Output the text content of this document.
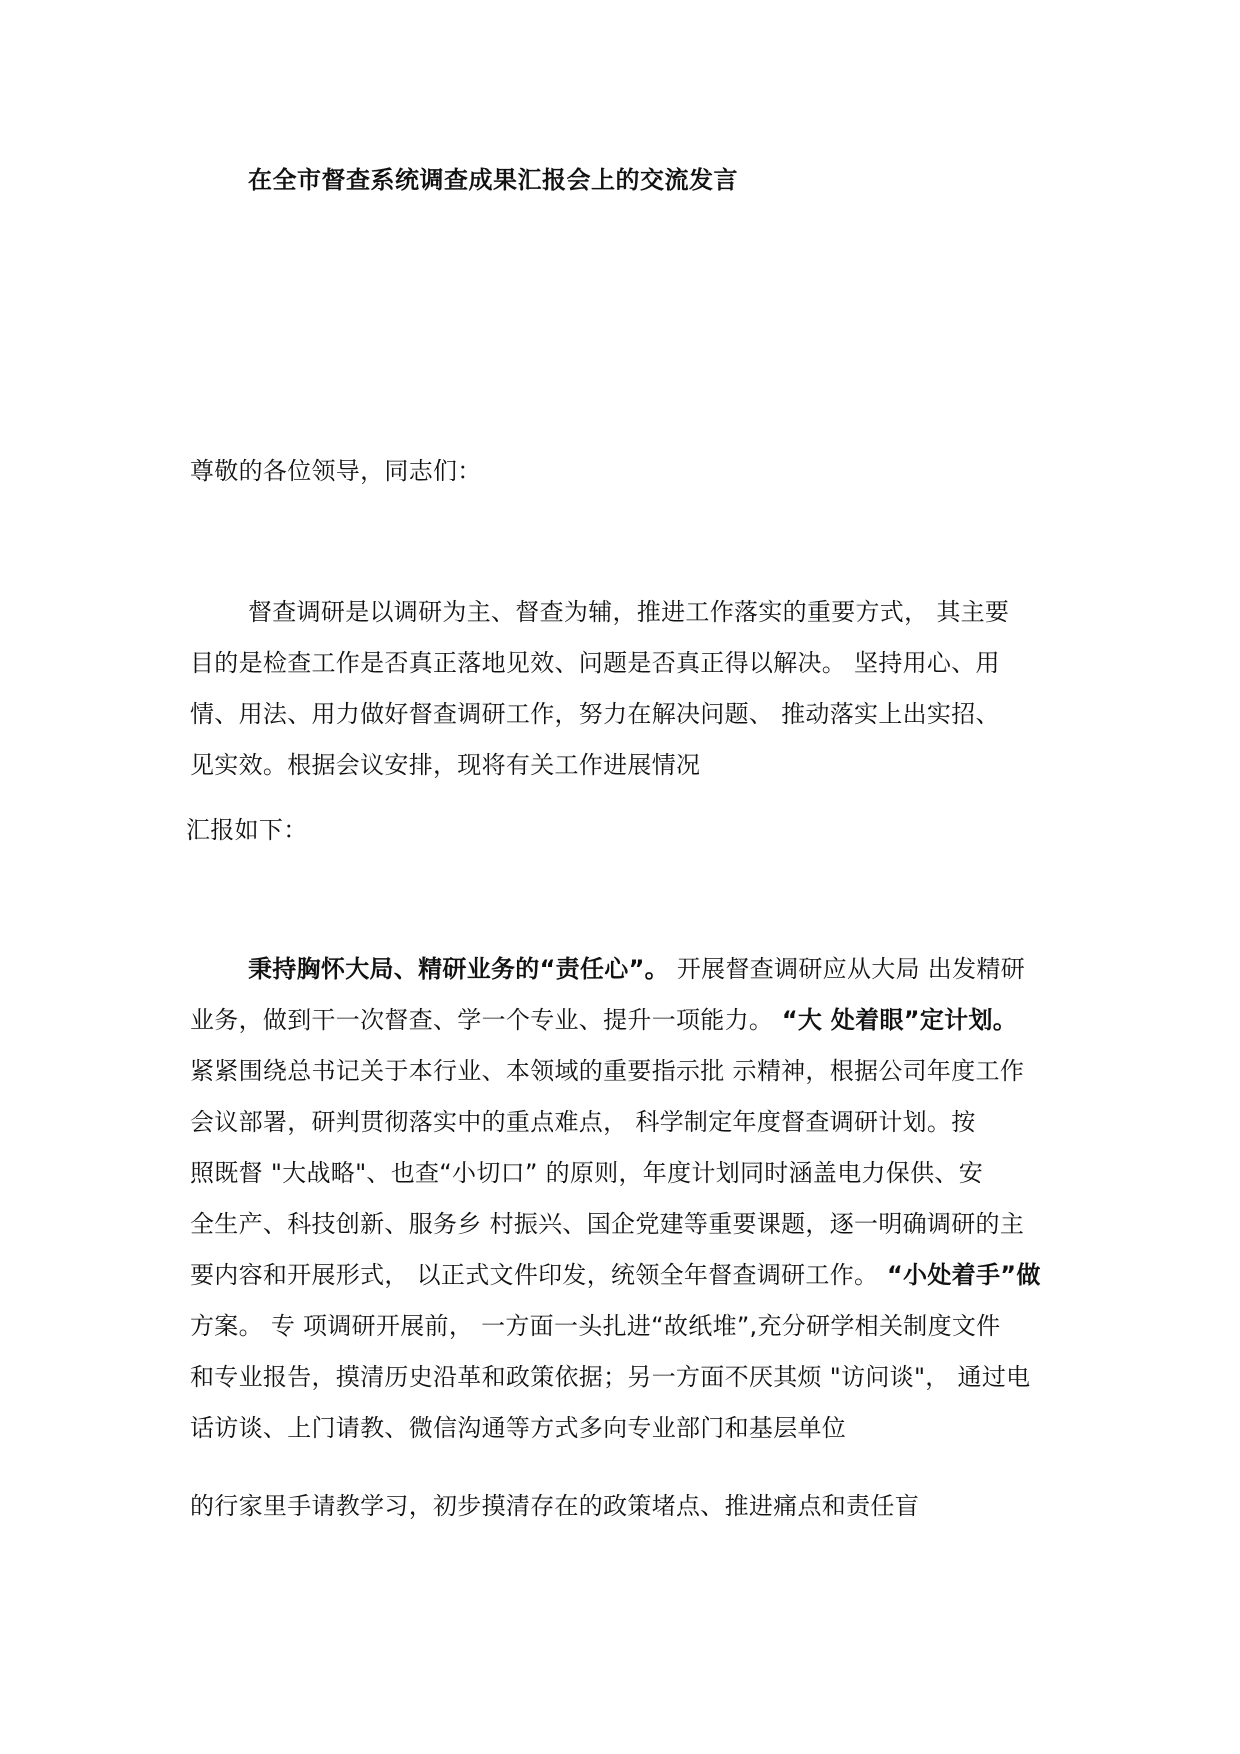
在全市督查系统调查成果汇报会上的交流发言
尊敬的各位领导，同志们：
督查调研是以调研为主、督查为辅，推进工作落实的重要方式， 其主要
目的是检查工作是否真正落地见效、问题是否真正得以解决。 坚持用心、用
情、用法、用力做好督查调研工作，努力在解决问题、 推动落实上出实招、
见实效。根据会议安排，现将有关工作进展情况
汇报如下：
秉持胸怀大局、精研业务的“责任心”。 开展督查调研应从大局 出发精研
业务，做到干一次督查、学一个专业、提升一项能力。 “大 处着眼”定计划。
紧紧围绕总书记关于本行业、本领域的重要指示批 示精神，根据公司年度工作
会议部署，研判贯彻落实中的重点难点， 科学制定年度督查调研计划。按
照既督 "大战略"、也查“小切口” 的原则，年度计划同时涵盖电力保供、安
全生产、科技创新、服务乡 村振兴、国企党建等重要课题，逐一明确调研的主
要内容和开展形式， 以正式文件印发，统领全年督查调研工作。 “小处着手”做
方案。 专 项调研开展前， 一方面一头扎进“故纸堆”,充分研学相关制度文件
和专业报告，摸清历史沿革和政策依据；另一方面不厌其烦 "访问谈"， 通过电
话访谈、上门请教、微信沟通等方式多向专业部门和基层单位
的行家里手请教学习，初步摸清存在的政策堵点、推进痛点和责任盲
